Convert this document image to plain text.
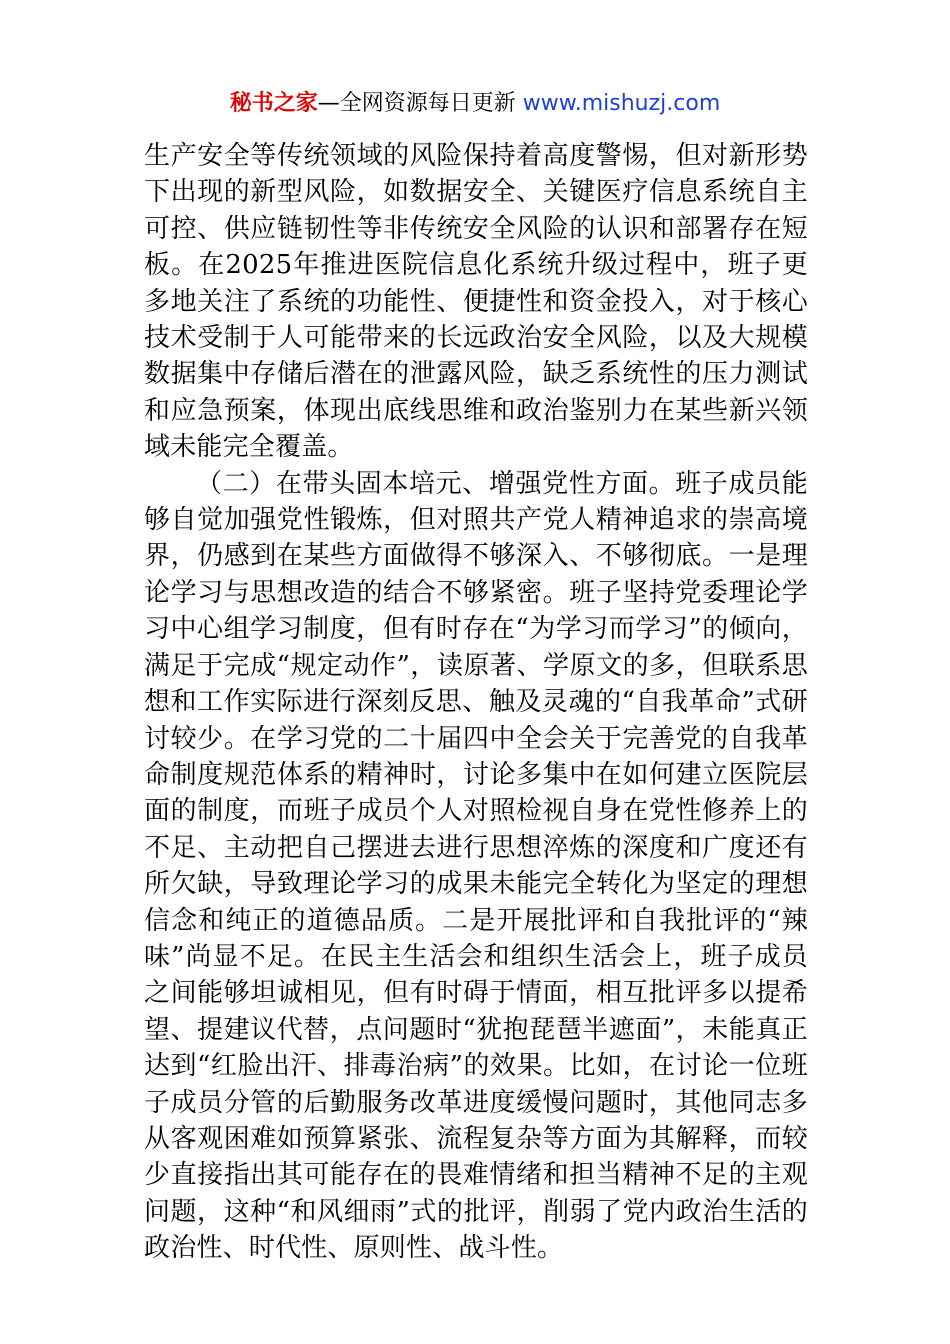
秘书之家—全网资源每日更新 www.mishuzj.com

生产安全等传统领域的风险保持着高度警惕，但对新形势下出现的新型风险，如数据安全、关键医疗信息系统自主可控、供应链韧性等非传统安全风险的认识和部署存在短板。在2025年推进医院信息化系统升级过程中，班子更多地关注了系统的功能性、便捷性和资金投入，对于核心技术受制于人可能带来的长远政治安全风险，以及大规模数据集中存储后潜在的泄露风险，缺乏系统性的压力测试和应急预案，体现出底线思维和政治鉴别力在某些新兴领域未能完全覆盖。

（二）在带头固本培元、增强党性方面。班子成员能够自觉加强党性锻炼，但对照共产党人精神追求的崇高境界，仍感到在某些方面做得不够深入、不够彻底。一是理论学习与思想改造的结合不够紧密。班子坚持党委理论学习中心组学习制度，但有时存在“为学习而学习”的倾向，满足于完成“规定动作”，读原著、学原文的多，但联系思想和工作实际进行深刻反思、触及灵魂的“自我革命”式研讨较少。在学习党的二十届四中全会关于完善党的自我革命制度规范体系的精神时，讨论多集中在如何建立医院层面的制度，而班子成员个人对照检视自身在党性修养上的不足、主动把自己摆进去进行思想淬炼的深度和广度还有所欠缺，导致理论学习的成果未能完全转化为坚定的理想信念和纯正的道德品质。二是开展批评和自我批评的“辣味”尚显不足。在民主生活会和组织生活会上，班子成员之间能够坦诚相见，但有时碍于情面，相互批评多以提希望、提建议代替，点问题时“犹抱琵琶半遮面”，未能真正达到“红脸出汗、排毒治病”的效果。比如，在讨论一位班子成员分管的后勤服务改革进度缓慢问题时，其他同志多从客观困难如预算紧张、流程复杂等方面为其解释，而较少直接指出其可能存在的畏难情绪和担当精神不足的主观问题，这种“和风细雨”式的批评，削弱了党内政治生活的政治性、时代性、原则性、战斗性。
